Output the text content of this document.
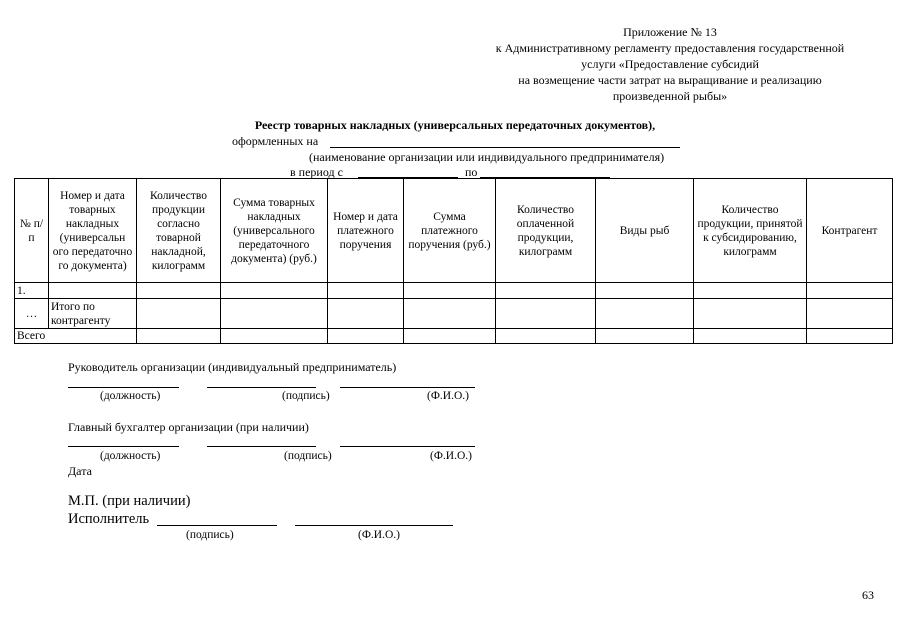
Приложение № 13
к Административному регламенту предоставления государственной
услуги «Предоставление субсидий
на возмещение части затрат на выращивание и реализацию
произведенной рыбы»
Реестр товарных накладных (универсальных передаточных документов),
оформленных на
(наименование организации или индивидуального предпринимателя)
в период с	по
№ п/п	Номер и дата товарных накладных (универсальн ого передаточно го документа)	Количество продукции согласно товарной накладной, килограмм	Сумма товарных накладных (универсального передаточного документа) (руб.)	Номер и дата платежного поручения	Сумма платежного поручения (руб.)	Количество оплаченной продукции, килограмм	Виды рыб	Количество продукции, принятой к субсидированию, килограмм	Контрагент
1.									
…	Итого по контрагенту								
Всего									
Руководитель организации (индивидуальный предприниматель)
(должность)	(подпись)	(Ф.И.О.)
Главный бухгалтер организации (при наличии)
(должность)	(подпись)	(Ф.И.О.)
Дата
М.П. (при наличии)
Исполнитель
(подпись)	(Ф.И.О.)
63
